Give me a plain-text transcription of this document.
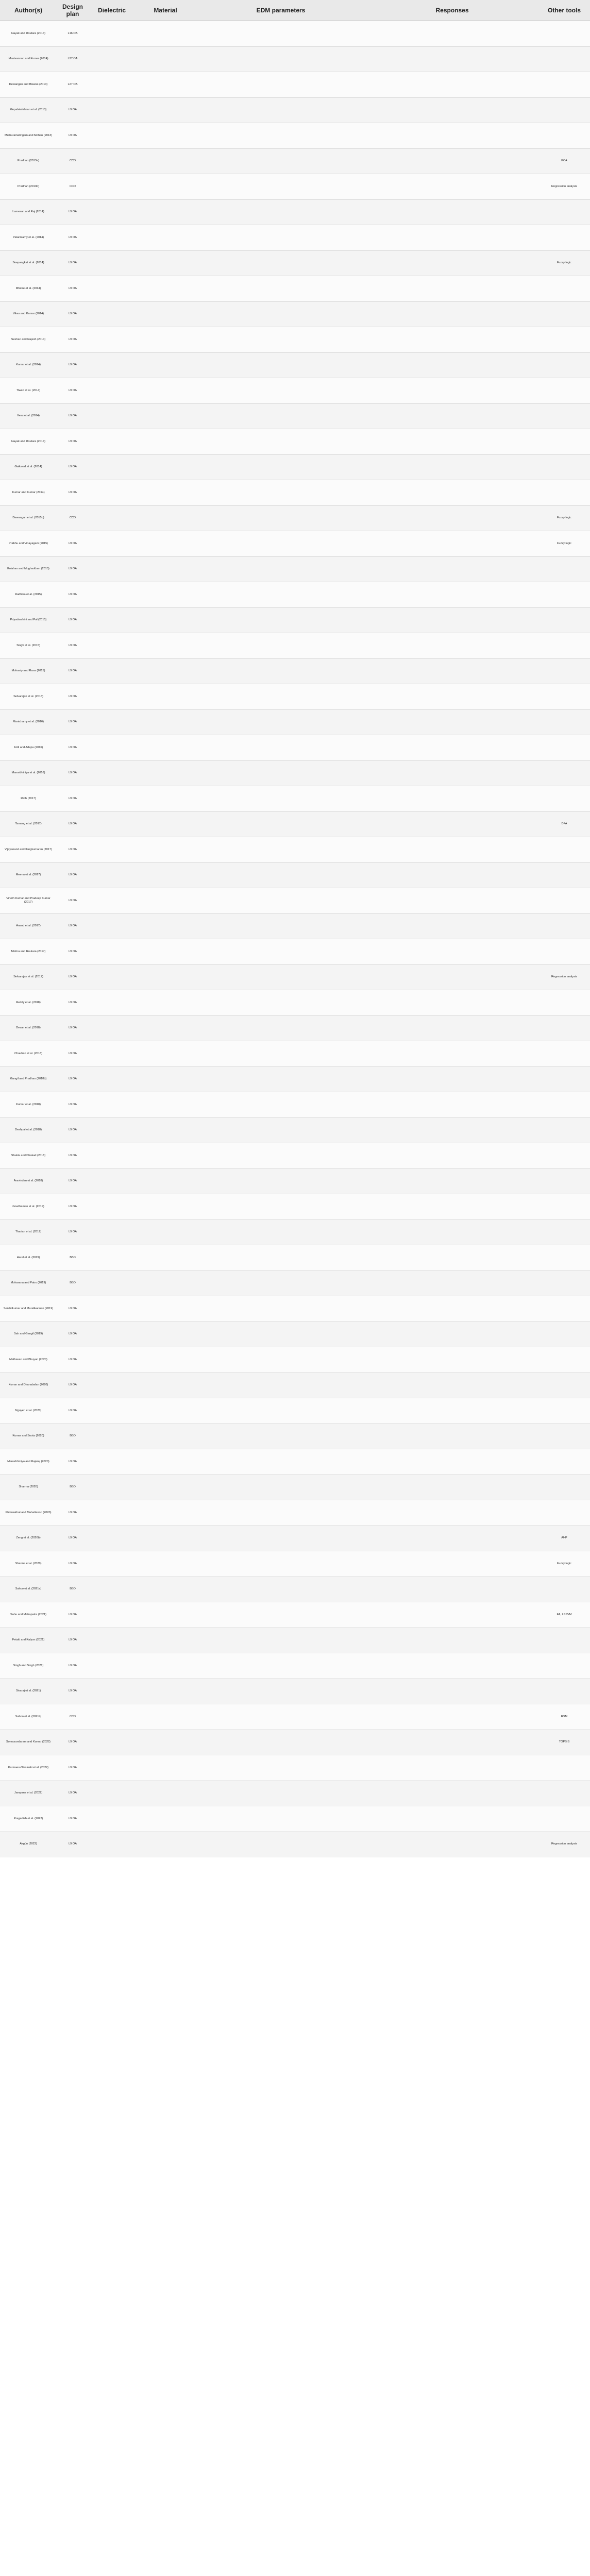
Author(s)	Design plan	Dielectric	Material	EDM parameters	Responses	Other tools
Nayak and Routara (2014)	L16 OA					
Manivannan and Kumar (2014)	L27 OA					
Dewangan and Biswas (2013)	L27 OA					
Gopalakrishnan et al. (2013)	L9 OA					
Muthuramalingam and Mohan (2013)	L9 OA					
Pradhan (2013a)	CCD					PCA
Pradhan (2013b)	CCD					Regression analysis
Lamesan and Raj (2014)	L9 OA					
Palanisamy et al. (2014)	L9 OA					
Soepangkat et al. (2014)	L9 OA					Fuzzy logic
Mhatre et al. (2014)	L9 OA					
Vikas and Kumar (2014)	L9 OA					
Seshan and Rajesh (2014)	L9 OA					
Kumar et al. (2014)	L9 OA					
Tiwari et al. (2014)	L9 OA					
Xess et al. (2014)	L9 OA					
Nayak and Routara (2014)	L9 OA					
Gaikwad et al. (2014)	L9 OA					
Kumar and Kumar (2014)	L9 OA					
Dewangan et al. (2015b)	CCD					Fuzzy logic
Prabhu and Vinayagam (2015)	L9 OA					Fuzzy logic
Kolahan and Moghaddam (2015)	L9 OA					
Radhika et al. (2015)	L9 OA					
Priyadarshini and Pal (2015)	L9 OA					
Singh et al. (2015)	L9 OA					
Mohanty and Rana (2015)	L9 OA					
Selvarajan et al. (2016)	L9 OA					
Manichamy et al. (2016)	L9 OA					
Kolli and Adepu (2016)	L9 OA					
Manarbhiniya et al. (2016)	L9 OA					
Rath (2017)	L9 OA					
Tamang et al. (2017)	L9 OA					DFA
Vijayanand and Ilangkumaran (2017)	L9 OA					
Meena et al. (2017)	L9 OA					
Vinoth Kumar and Pradeep Kumar (2017)	L9 OA					
Anand et al. (2017)	L9 OA					
Mishra and Routara (2017)	L9 OA					
Selvarajan et al. (2017)	L9 OA					Regression analysis
Reddy et al. (2018)	L9 OA					
Devan et al. (2018)	L9 OA					
Chauhan et al. (2018)	L9 OA					
Gangil and Pradhan (2018b)	L9 OA					
Kumar et al. (2018)	L9 OA					
Deshpal et al. (2018)	L9 OA					
Shukla and Dhakad (2018)	L9 OA					
Aravindan et al. (2018)	L9 OA					
Gowthaman et al. (2019)	L9 OA					
Tharian et al. (2019)	L9 OA					
Harel et al. (2019)	BBD					
Moharana and Patro (2019)	BBD					
Senthilkumar and Muralikannan (2019)	L9 OA					
Sah and Gangil (2019)	L9 OA					
Mathavan and Bhuyan (2020)	L9 OA					
Kumar and Dhanabalan (2020)	L9 OA					
Nguyen et al. (2020)	L9 OA					
Kumar and Soota (2020)	BBD					
Manarbhiniya and Rajaraj (2020)	L9 OA					
Sharma (2020)	BBD					
Phimsukhat and Mahattanon (2020)	L9 OA					
Zeng et al. (2020b)	L9 OA					AHP
Sharma et al. (2020)	L9 OA					Fuzzy logic
Sahoo et al. (2021a)	BBD					
Sahu and Mahapatra (2021)	L9 OA					FA, LSSVM
Fetaiti and Kalyon (2021)	L9 OA					
Singh and Singh (2021)	L9 OA					
Sivaraj et al. (2021)	L9 OA					
Sahoo et al. (2021b)	CCD					RSM
Somasundaram and Kumar (2022)	L9 OA					TOPSIS
Kurmaev-Olesinski et al. (2022)	L9 OA					
Jampana et al. (2022)	L9 OA					
Pragadish et al. (2022)	L9 OA					
Akgün (2022)	L9 OA					Regression analysis
